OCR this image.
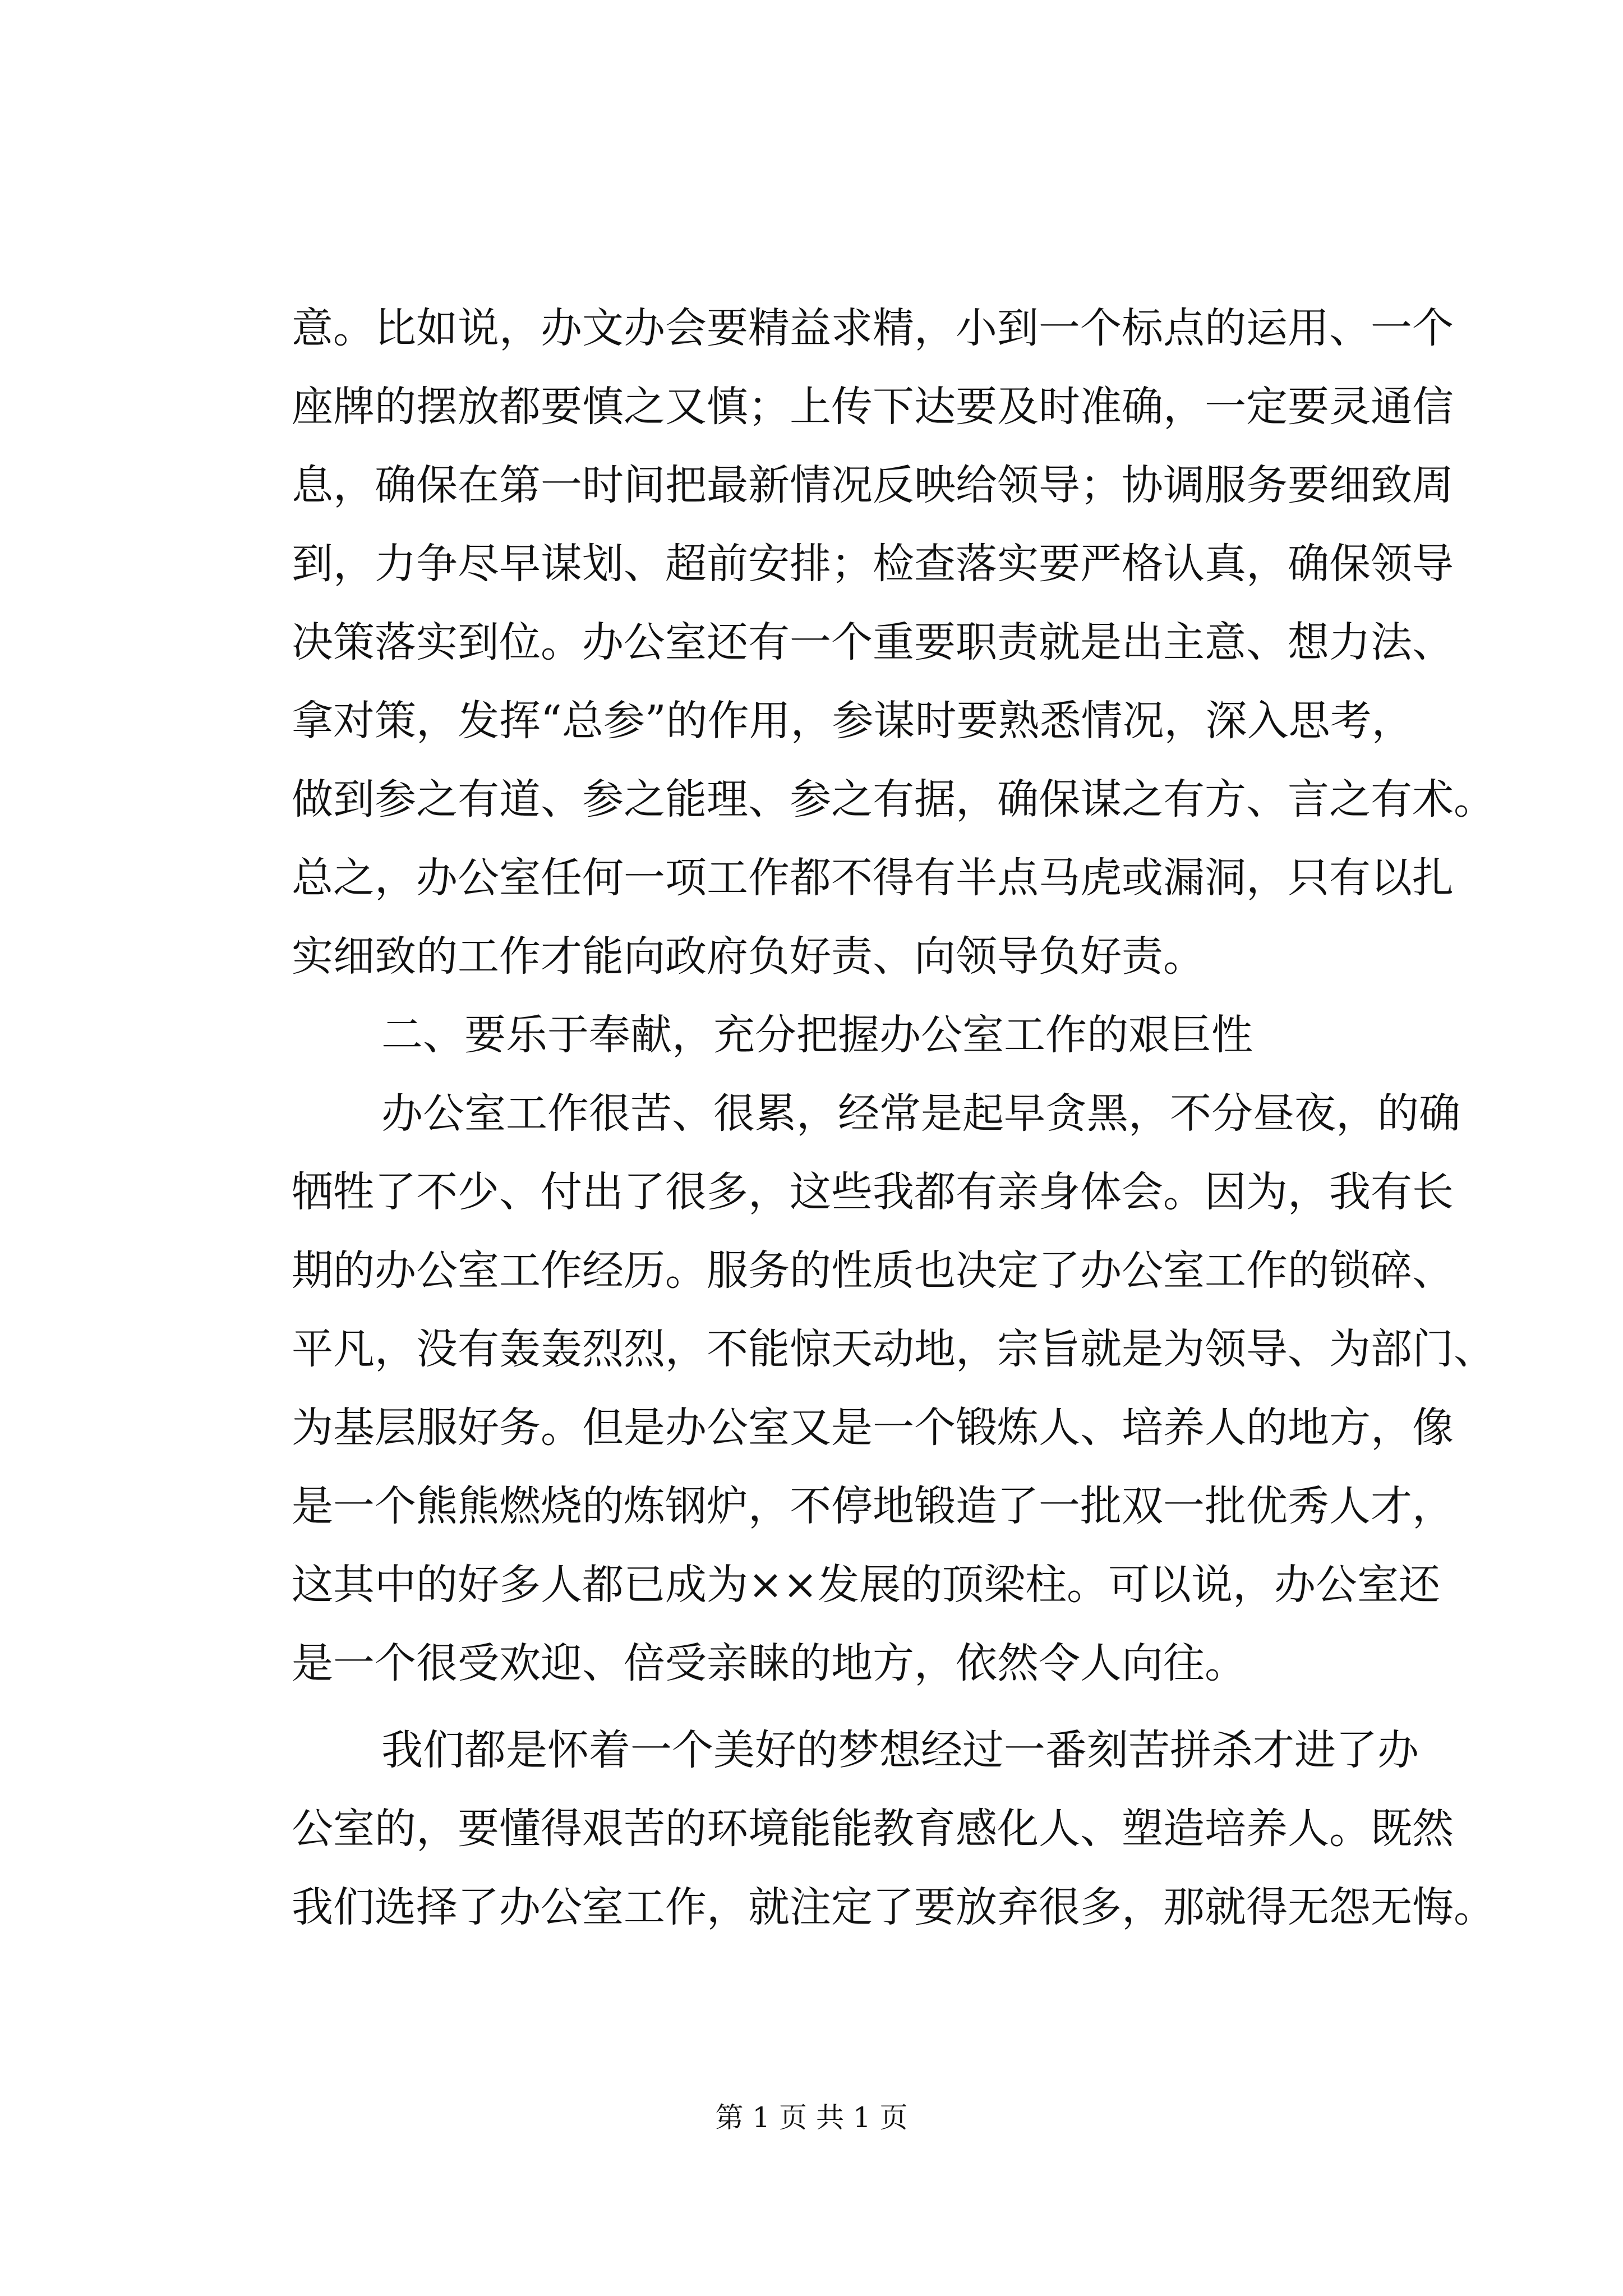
意。比如说，办文办会要精益求精，小到一个标点的运用、一个
座牌的摆放都要慎之又慎；上传下达要及时准确，一定要灵通信
息，确保在第一时间把最新情况反映给领导；协调服务要细致周
到，力争尽早谋划、超前安排；检查落实要严格认真，确保领导
决策落实到位。办公室还有一个重要职责就是出主意、想力法、
拿对策，发挥“总参”的作用，参谋时要熟悉情况，深入思考，
做到参之有道、参之能理、参之有据，确保谋之有方、言之有术。
总之，办公室任何一项工作都不得有半点马虎或漏洞，只有以扎
实细致的工作才能向政府负好责、向领导负好责。
二、要乐于奉献，充分把握办公室工作的艰巨性
办公室工作很苦、很累，经常是起早贪黑，不分昼夜，的确
牺牲了不少、付出了很多，这些我都有亲身体会。因为，我有长
期的办公室工作经历。服务的性质也决定了办公室工作的锁碎、
平凡，没有轰轰烈烈，不能惊天动地，宗旨就是为领导、为部门、
为基层服好务。但是办公室又是一个锻炼人、培养人的地方，像
是一个熊熊燃烧的炼钢炉，不停地锻造了一批双一批优秀人才，
这其中的好多人都已成为××发展的顶梁柱。可以说，办公室还
是一个很受欢迎、倍受亲睐的地方，依然令人向往。
我们都是怀着一个美好的梦想经过一番刻苦拼杀才进了办
公室的，要懂得艰苦的环境能能教育感化人、塑造培养人。既然
我们选择了办公室工作，就注定了要放弃很多，那就得无怨无悔。
第 1 页 共 1 页
